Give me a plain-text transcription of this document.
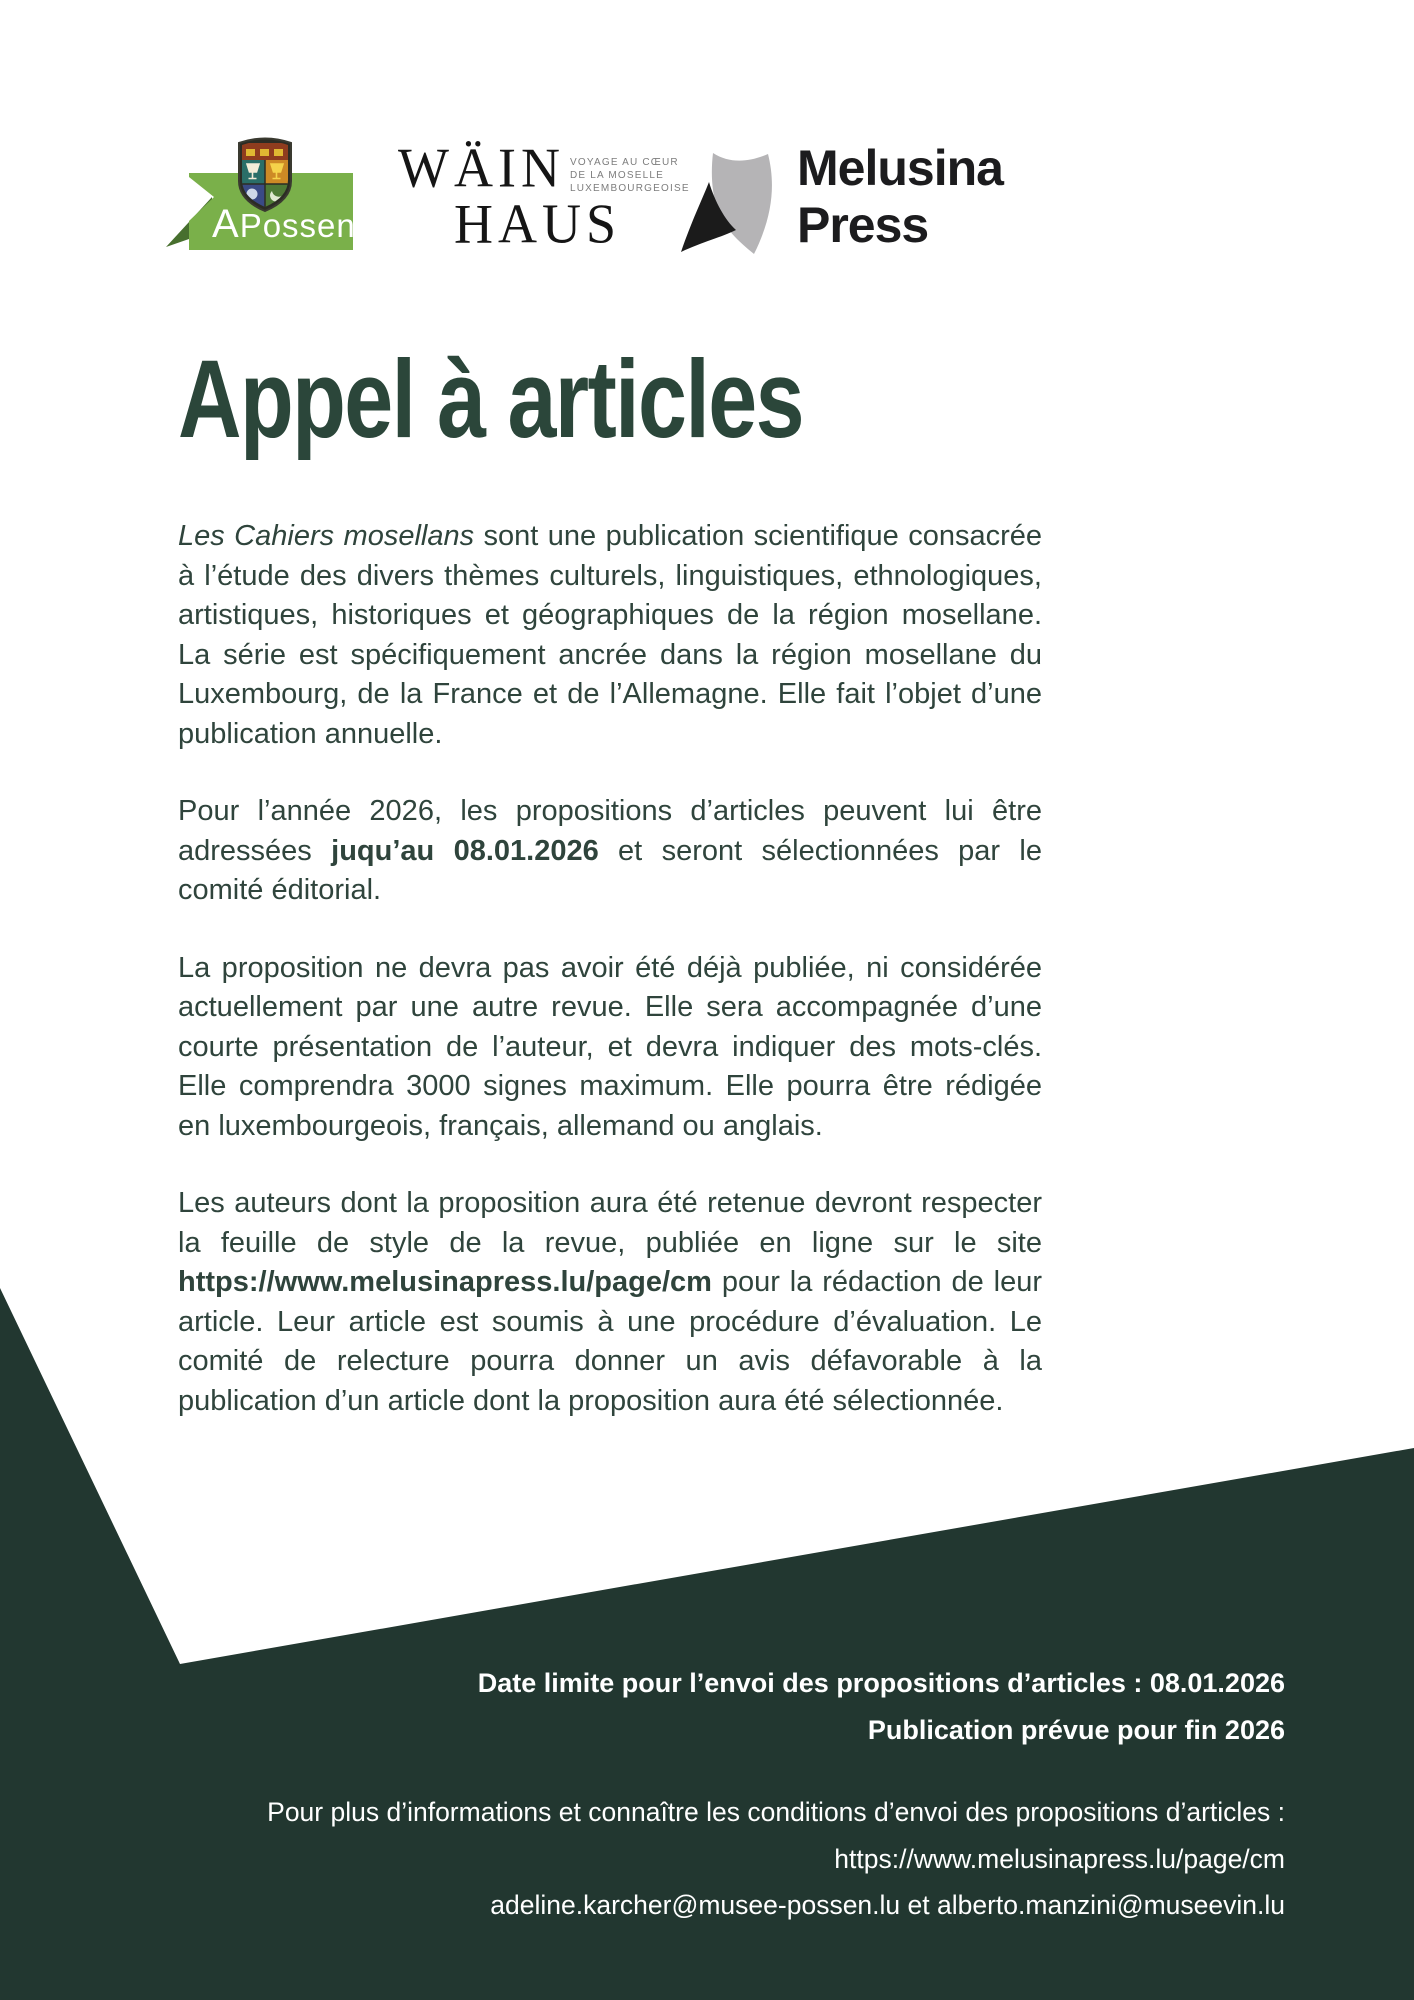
APossen
WÄIN
HAUS
VOYAGE AU CŒUR
DE LA MOSELLE
LUXEMBOURGEOISE Melusina
Press
Appel à articles

Les Cahiers mosellans sont une publication scientifique consacrée à l’étude des divers thèmes culturels, linguistiques, ethnologiques, artistiques, historiques et géographiques de la région mosellane. La série est spécifiquement ancrée dans la région mosellane du Luxembourg, de la France et de l’Allemagne. Elle fait l’objet d’une publication annuelle.

Pour l’année 2026, les propositions d’articles peuvent lui être adressées juqu’au 08.01.2026 et seront sélectionnées par le comité éditorial.

La proposition ne devra pas avoir été déjà publiée, ni considérée actuellement par une autre revue. Elle sera accompagnée d’une courte présentation de l’auteur, et devra indiquer des mots-clés. Elle comprendra 3000 signes maximum. Elle pourra être rédigée en luxembourgeois, français, allemand ou anglais.

Les auteurs dont la proposition aura été retenue devront respecter la feuille de style de la revue, publiée en ligne sur le site https://www.melusinapress.lu/page/cm pour la rédaction de leur article. Leur article est soumis à une procédure d’évaluation. Le comité de relecture pourra donner un avis défavorable à la publication d’un article dont la proposition aura été sélectionnée.

Date limite pour l’envoi des propositions d’articles : 08.01.2026
Publication prévue pour fin 2026
Pour plus d’informations et connaître les conditions d’envoi des propositions d’articles :
https://www.melusinapress.lu/page/cm
adeline.karcher@musee-possen.lu et alberto.manzini@museevin.lu
